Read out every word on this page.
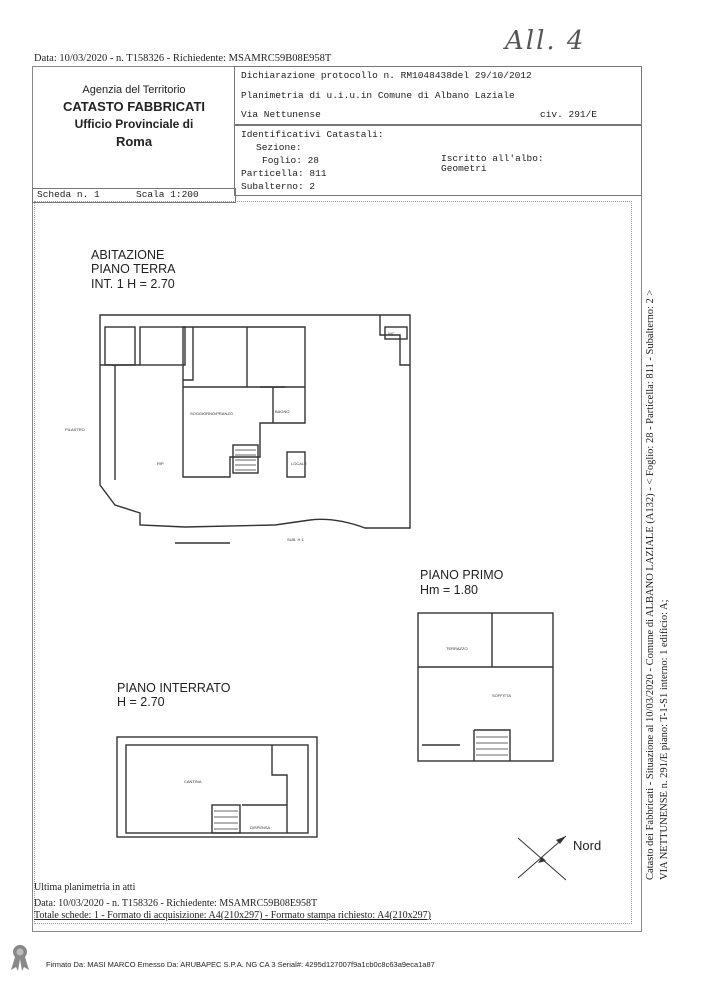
All. 4
Data: 10/03/2020 - n. T158326 - Richiedente: MSAMRC59B08E958T
Agenzia del Territorio
CATASTO FABBRICATI
Ufficio Provinciale di
Roma
Dichiarazione protocollo n. RM1048438del 29/10/2012
Planimetria di u.i.u.in Comune di Albano Laziale
Via Nettunense	civ. 291/E
Identificativi Catastali:
Sezione:
Foglio: 28
Particella: 811
Subalterno: 2
Iscritto all'albo:
Geometri
Scheda n. 1	Scala 1:200
ABITAZIONE
PIANO TERRA
INT. 1 H = 2.70
SOGGIORNO/PRANZO	BAGNO
LOCALE
RIP.
PILASTRO
SUB. H 1
WC
PIANO PRIMO
Hm = 1.80
TERRAZZO
SOFFITTA
PIANO INTERRATO
H = 2.70
CANTINA
DISPENSA
Nord	Catasto dei Fabbricati - Situazione al 10/03/2020 - Comune di ALBANO LAZIALE (A132) - < Foglio: 28 - Particella: 811 - Subalterno: 2 > VIA NETTUNENSE n. 291/E piano: T-1-S1 interno: 1 edificio: A;
Ultima planimetria in atti
Data: 10/03/2020 - n. T158326 - Richiedente: MSAMRC59B08E958T
Totale schede: 1 - Formato di acquisizione: A4(210x297) - Formato stampa richiesto: A4(210x297)
Firmato Da: MASI MARCO Emesso Da: ARUBAPEC S.P.A. NG CA 3 Serial#: 4295d127007f9a1cb0c8c63a9eca1a87
